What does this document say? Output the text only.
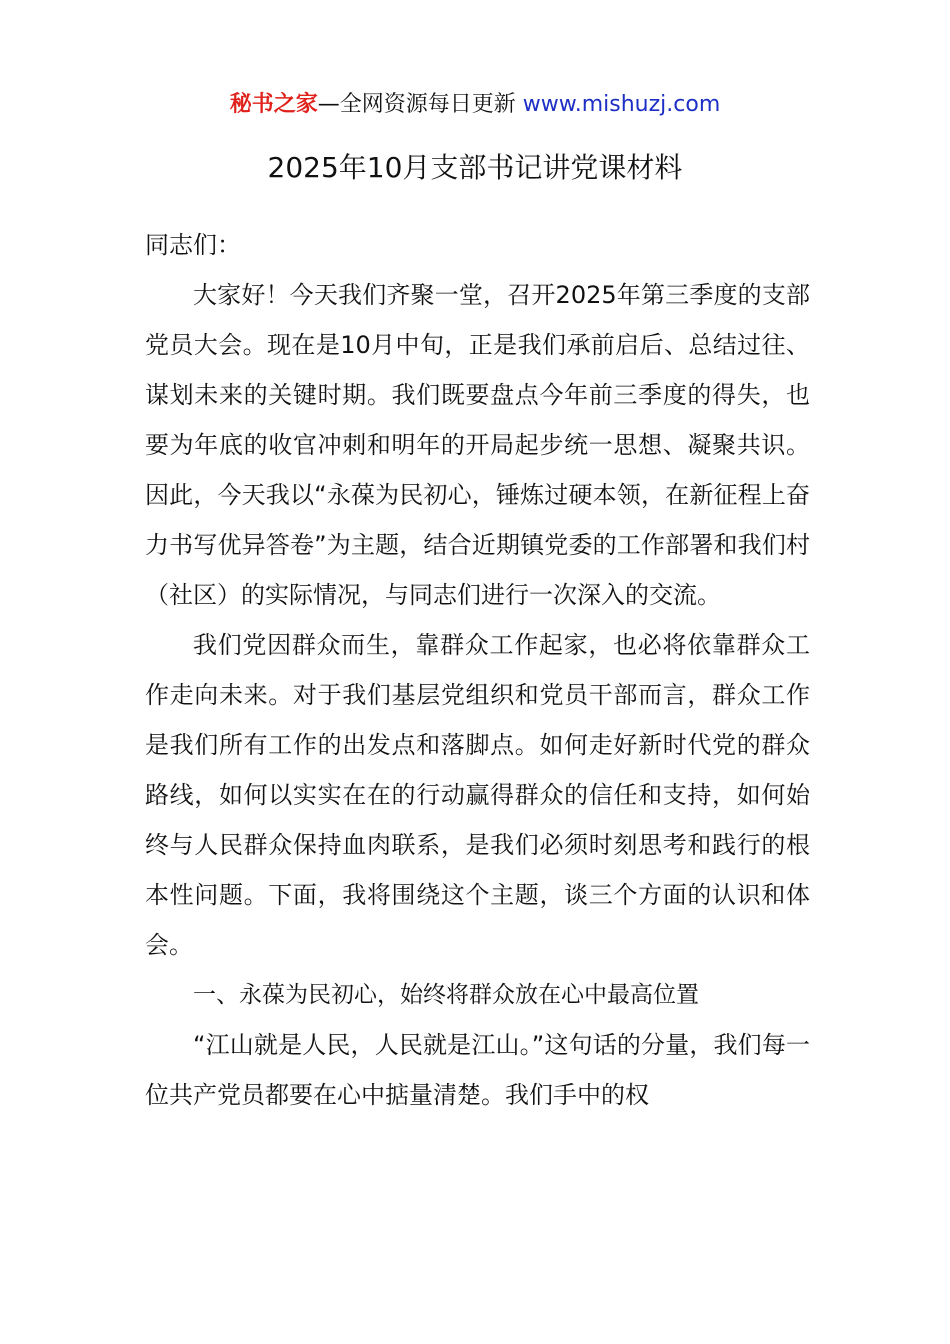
秘书之家—全网资源每日更新 www.mishuzj.com
2025年10月支部书记讲党课材料

同志们：

大家好！今天我们齐聚一堂，召开2025年第三季度的支部党员大会。现在是10月中旬，正是我们承前启后、总结过往、谋划未来的关键时期。我们既要盘点今年前三季度的得失，也要为年底的收官冲刺和明年的开局起步统一思想、凝聚共识。因此，今天我以“永葆为民初心，锤炼过硬本领，在新征程上奋力书写优异答卷”为主题，结合近期镇党委的工作部署和我们村（社区）的实际情况，与同志们进行一次深入的交流。

我们党因群众而生，靠群众工作起家，也必将依靠群众工作走向未来。对于我们基层党组织和党员干部而言，群众工作是我们所有工作的出发点和落脚点。如何走好新时代党的群众路线，如何以实实在在的行动赢得群众的信任和支持，如何始终与人民群众保持血肉联系，是我们必须时刻思考和践行的根本性问题。下面，我将围绕这个主题，谈三个方面的认识和体会。

一、永葆为民初心，始终将群众放在心中最高位置

“江山就是人民，人民就是江山。”这句话的分量，我们每一位共产党员都要在心中掂量清楚。我们手中的权
